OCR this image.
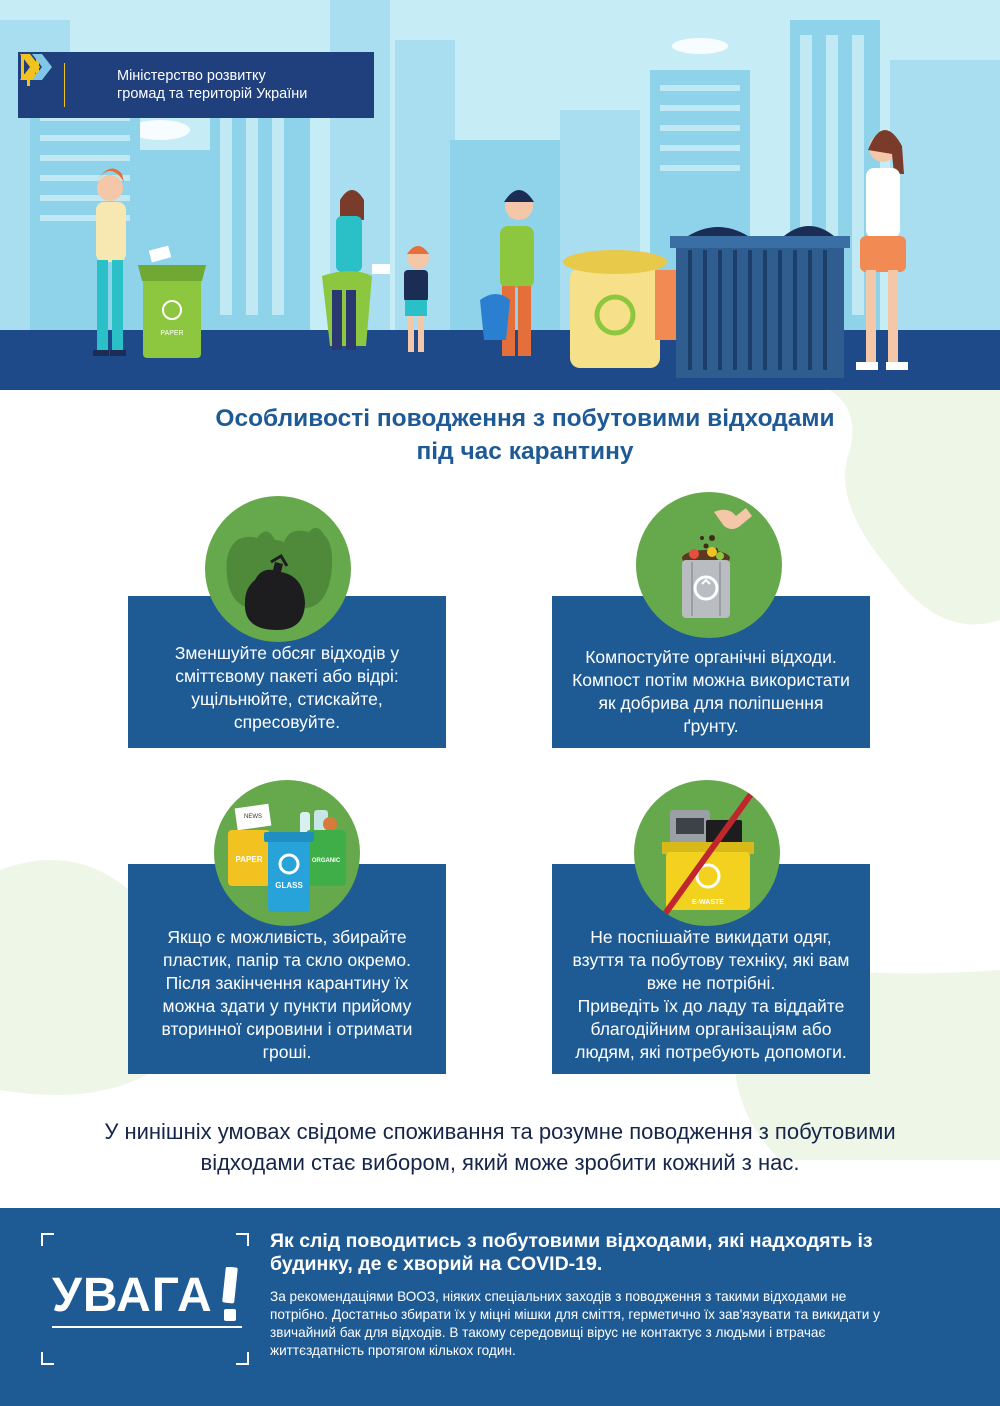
PAPER
Міністерство розвитку
громад та територій України
Особливості поводження з побутовими відходами
під час карантину
Зменшуйте обсяг відходів у
сміттєвому пакеті або відрі:
ущільнюйте, стискайте,
спресовуйте.
Компостуйте органічні відходи.
Компост потім можна використати
як добрива для поліпшення
ґрунту.
Якщо є можливість, збирайте
пластик, папір та скло окремо.
Після закінчення карантину їх
можна здати у пункти прийому
вторинної сировини і отримати
гроші.
NEWS
PAPER	ORGANIC
GLASS
Не поспішайте викидати одяг,
взуття та побутову техніку, які вам
вже не потрібні.
Приведіть їх до ладу та віддайте
благодійним організаціям або
людям, які потребують допомоги.
E-WASTE
У нинішніх умовах свідоме споживання та розумне поводження з побутовими
відходами стає вибором, який може зробити кожний з нас.
УВАГА
Як слід поводитись з побутовими відходами, які надходять із
будинку, де є хворий на COVID-19.
За рекомендаціями ВООЗ, ніяких спеціальних заходів з поводження з такими відходами не
потрібно. Достатньо збирати їх у міцні мішки для сміття, герметично їх зав'язувати та викидати у
звичайний бак для відходів. В такому середовищі вірус не контактує з людьми і втрачає
життєздатність протягом кількох годин.
